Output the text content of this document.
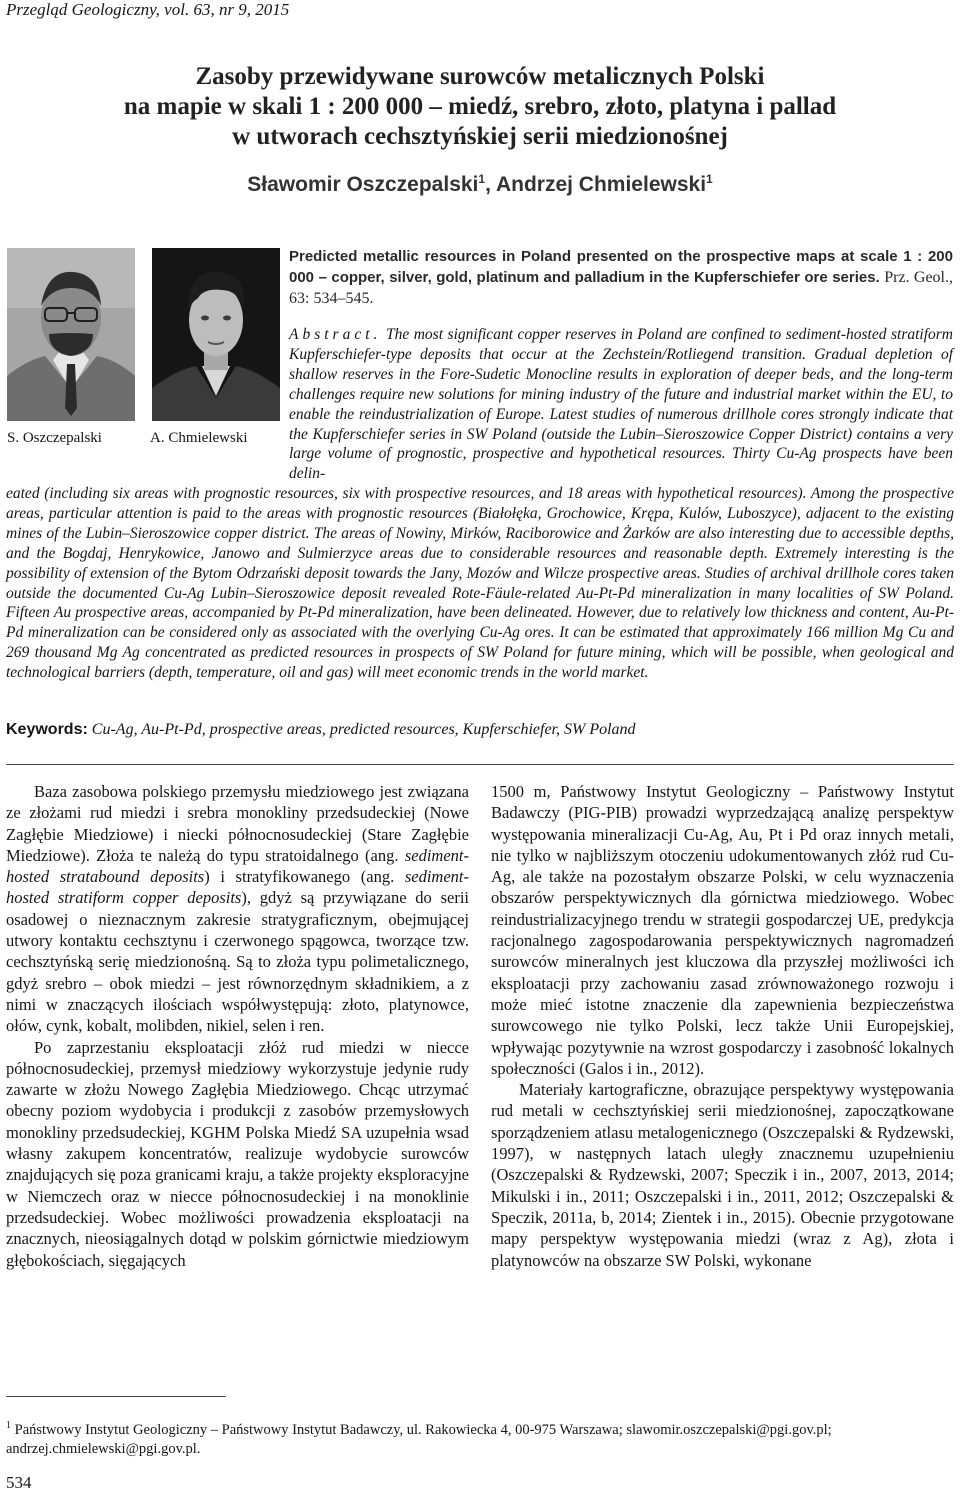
Przegląd Geologiczny, vol. 63, nr 9, 2015
Zasoby przewidywane surowców metalicznych Polski
na mapie w skali 1 : 200 000 – miedź, srebro, złoto, platyna i pallad
w utworach cechsztyńskiej serii miedzionośnej
Sławomir Oszczepalski$^1$, Andrzej Chmielewski$^1$
S. Oszczepalski	A. Chmielewski
Predicted metallic resources in Poland presented on the prospective maps at scale 1 : 200 000 – copper, silver, gold, platinum and palladium in the Kupferschiefer ore series. Prz. Geol., 63: 534–545.
Abstract. The most significant copper reserves in Poland are confined to sediment-hosted stratiform Kupferschiefer-type deposits that occur at the Zechstein/Rotliegend transition. Gradual depletion of shallow reserves in the Fore-Sudetic Monocline results in exploration of deeper beds, and the long-term challenges require new solutions for mining industry of the future and industrial market within the EU, to enable the reindustrialization of Europe. Latest studies of numerous drillhole cores strongly indicate that the Kupferschiefer series in SW Poland (outside the Lubin–Sieroszowice Copper District) contains a very large volume of prognostic, prospective and hypothetical resources. Thirty Cu-Ag prospects have been delin-
eated (including six areas with prognostic resources, six with prospective resources, and 18 areas with hypothetical resources). Among the prospective areas, particular attention is paid to the areas with prognostic resources (Białołęka, Grochowice, Krępa, Kulów, Luboszyce), adjacent to the existing mines of the Lubin–Sieroszowice copper district. The areas of Nowiny, Mirków, Raciborowice and Żarków are also interesting due to accessible depths, and the Bogdaj, Henrykowice, Janowo and Sulmierzyce areas due to considerable resources and reasonable depth. Extremely interesting is the possibility of extension of the Bytom Odrzański deposit towards the Jany, Mozów and Wilcze prospective areas. Studies of archival drillhole cores taken outside the documented Cu-Ag Lubin–Sieroszowice deposit revealed Rote-Fäule-related Au-Pt-Pd mineralization in many localities of SW Poland. Fifteen Au prospective areas, accompanied by Pt-Pd mineralization, have been delineated. However, due to relatively low thickness and content, Au-Pt-Pd mineralization can be considered only as associated with the overlying Cu-Ag ores. It can be estimated that approximately 166 million Mg Cu and 269 thousand Mg Ag concentrated as predicted resources in prospects of SW Poland for future mining, which will be possible, when geological and technological barriers (depth, temperature, oil and gas) will meet economic trends in the world market.
Keywords: Cu-Ag, Au-Pt-Pd, prospective areas, predicted resources, Kupferschiefer, SW Poland

Baza zasobowa polskiego przemysłu miedziowego jest związana ze złożami rud miedzi i srebra monokliny przedsudeckiej (Nowe Zagłębie Miedziowe) i niecki północnosudeckiej (Stare Zagłębie Miedziowe). Złoża te należą do typu stratoidalnego (ang. sediment-hosted stratabound deposits) i stratyfikowanego (ang. sediment-hosted stratiform copper deposits), gdyż są przywiązane do serii osadowej o nieznacznym zakresie stratygraficznym, obejmującej utwory kontaktu cechsztynu i czerwonego spągowca, tworzące tzw. cechsztyńską serię miedzionośną. Są to złoża typu polimetalicznego, gdyż srebro – obok miedzi – jest równorzędnym składnikiem, a z nimi w znaczących ilościach współwystępują: złoto, platynowce, ołów, cynk, kobalt, molibden, nikiel, selen i ren.

Po zaprzestaniu eksploatacji złóż rud miedzi w niecce północnosudeckiej, przemysł miedziowy wykorzystuje jedynie rudy zawarte w złożu Nowego Zagłębia Miedziowego. Chcąc utrzymać obecny poziom wydobycia i produkcji z zasobów przemysłowych monokliny przedsudeckiej, KGHM Polska Miedź SA uzupełnia wsad własny zakupem koncentratów, realizuje wydobycie surowców znajdujących się poza granicami kraju, a także projekty eksploracyjne w Niemczech oraz w niecce północnosudeckiej i na monoklinie przedsudeckiej. Wobec możliwości prowadzenia eksploatacji na znacznych, nieosiągalnych dotąd w polskim górnictwie miedziowym głębokościach, sięgających

1500 m, Państwowy Instytut Geologiczny – Państwowy Instytut Badawczy (PIG-PIB) prowadzi wyprzedzającą analizę perspektyw występowania mineralizacji Cu-Ag, Au, Pt i Pd oraz innych metali, nie tylko w najbliższym otoczeniu udokumentowanych złóż rud Cu-Ag, ale także na pozostałym obszarze Polski, w celu wyznaczenia obszarów perspektywicznych dla górnictwa miedziowego. Wobec reindustrializacyjnego trendu w strategii gospodarczej UE, predykcja racjonalnego zagospodarowania perspektywicznych nagromadzeń surowców mineralnych jest kluczowa dla przyszłej możliwości ich eksploatacji przy zachowaniu zasad zrównoważonego rozwoju i może mieć istotne znaczenie dla zapewnienia bezpieczeństwa surowcowego nie tylko Polski, lecz także Unii Europejskiej, wpływając pozytywnie na wzrost gospodarczy i zasobność lokalnych społeczności (Galos i in., 2012).

Materiały kartograficzne, obrazujące perspektywy występowania rud metali w cechsztyńskiej serii miedzionośnej, zapoczątkowane sporządzeniem atlasu metalogenicznego (Oszczepalski & Rydzewski, 1997), w następnych latach uległy znacznemu uzupełnieniu (Oszczepalski & Rydzewski, 2007; Speczik i in., 2007, 2013, 2014; Mikulski i in., 2011; Oszczepalski i in., 2011, 2012; Oszczepalski & Speczik, 2011a, b, 2014; Zientek i in., 2015). Obecnie przygotowane mapy perspektyw występowania miedzi (wraz z Ag), złota i platynowców na obszarze SW Polski, wykonane

$^1$ Państwowy Instytut Geologiczny – Państwowy Instytut Badawczy, ul. Rakowiecka 4, 00-975 Warszawa; slawomir.oszczepalski@pgi.gov.pl; andrzej.chmielewski@pgi.gov.pl.
534
